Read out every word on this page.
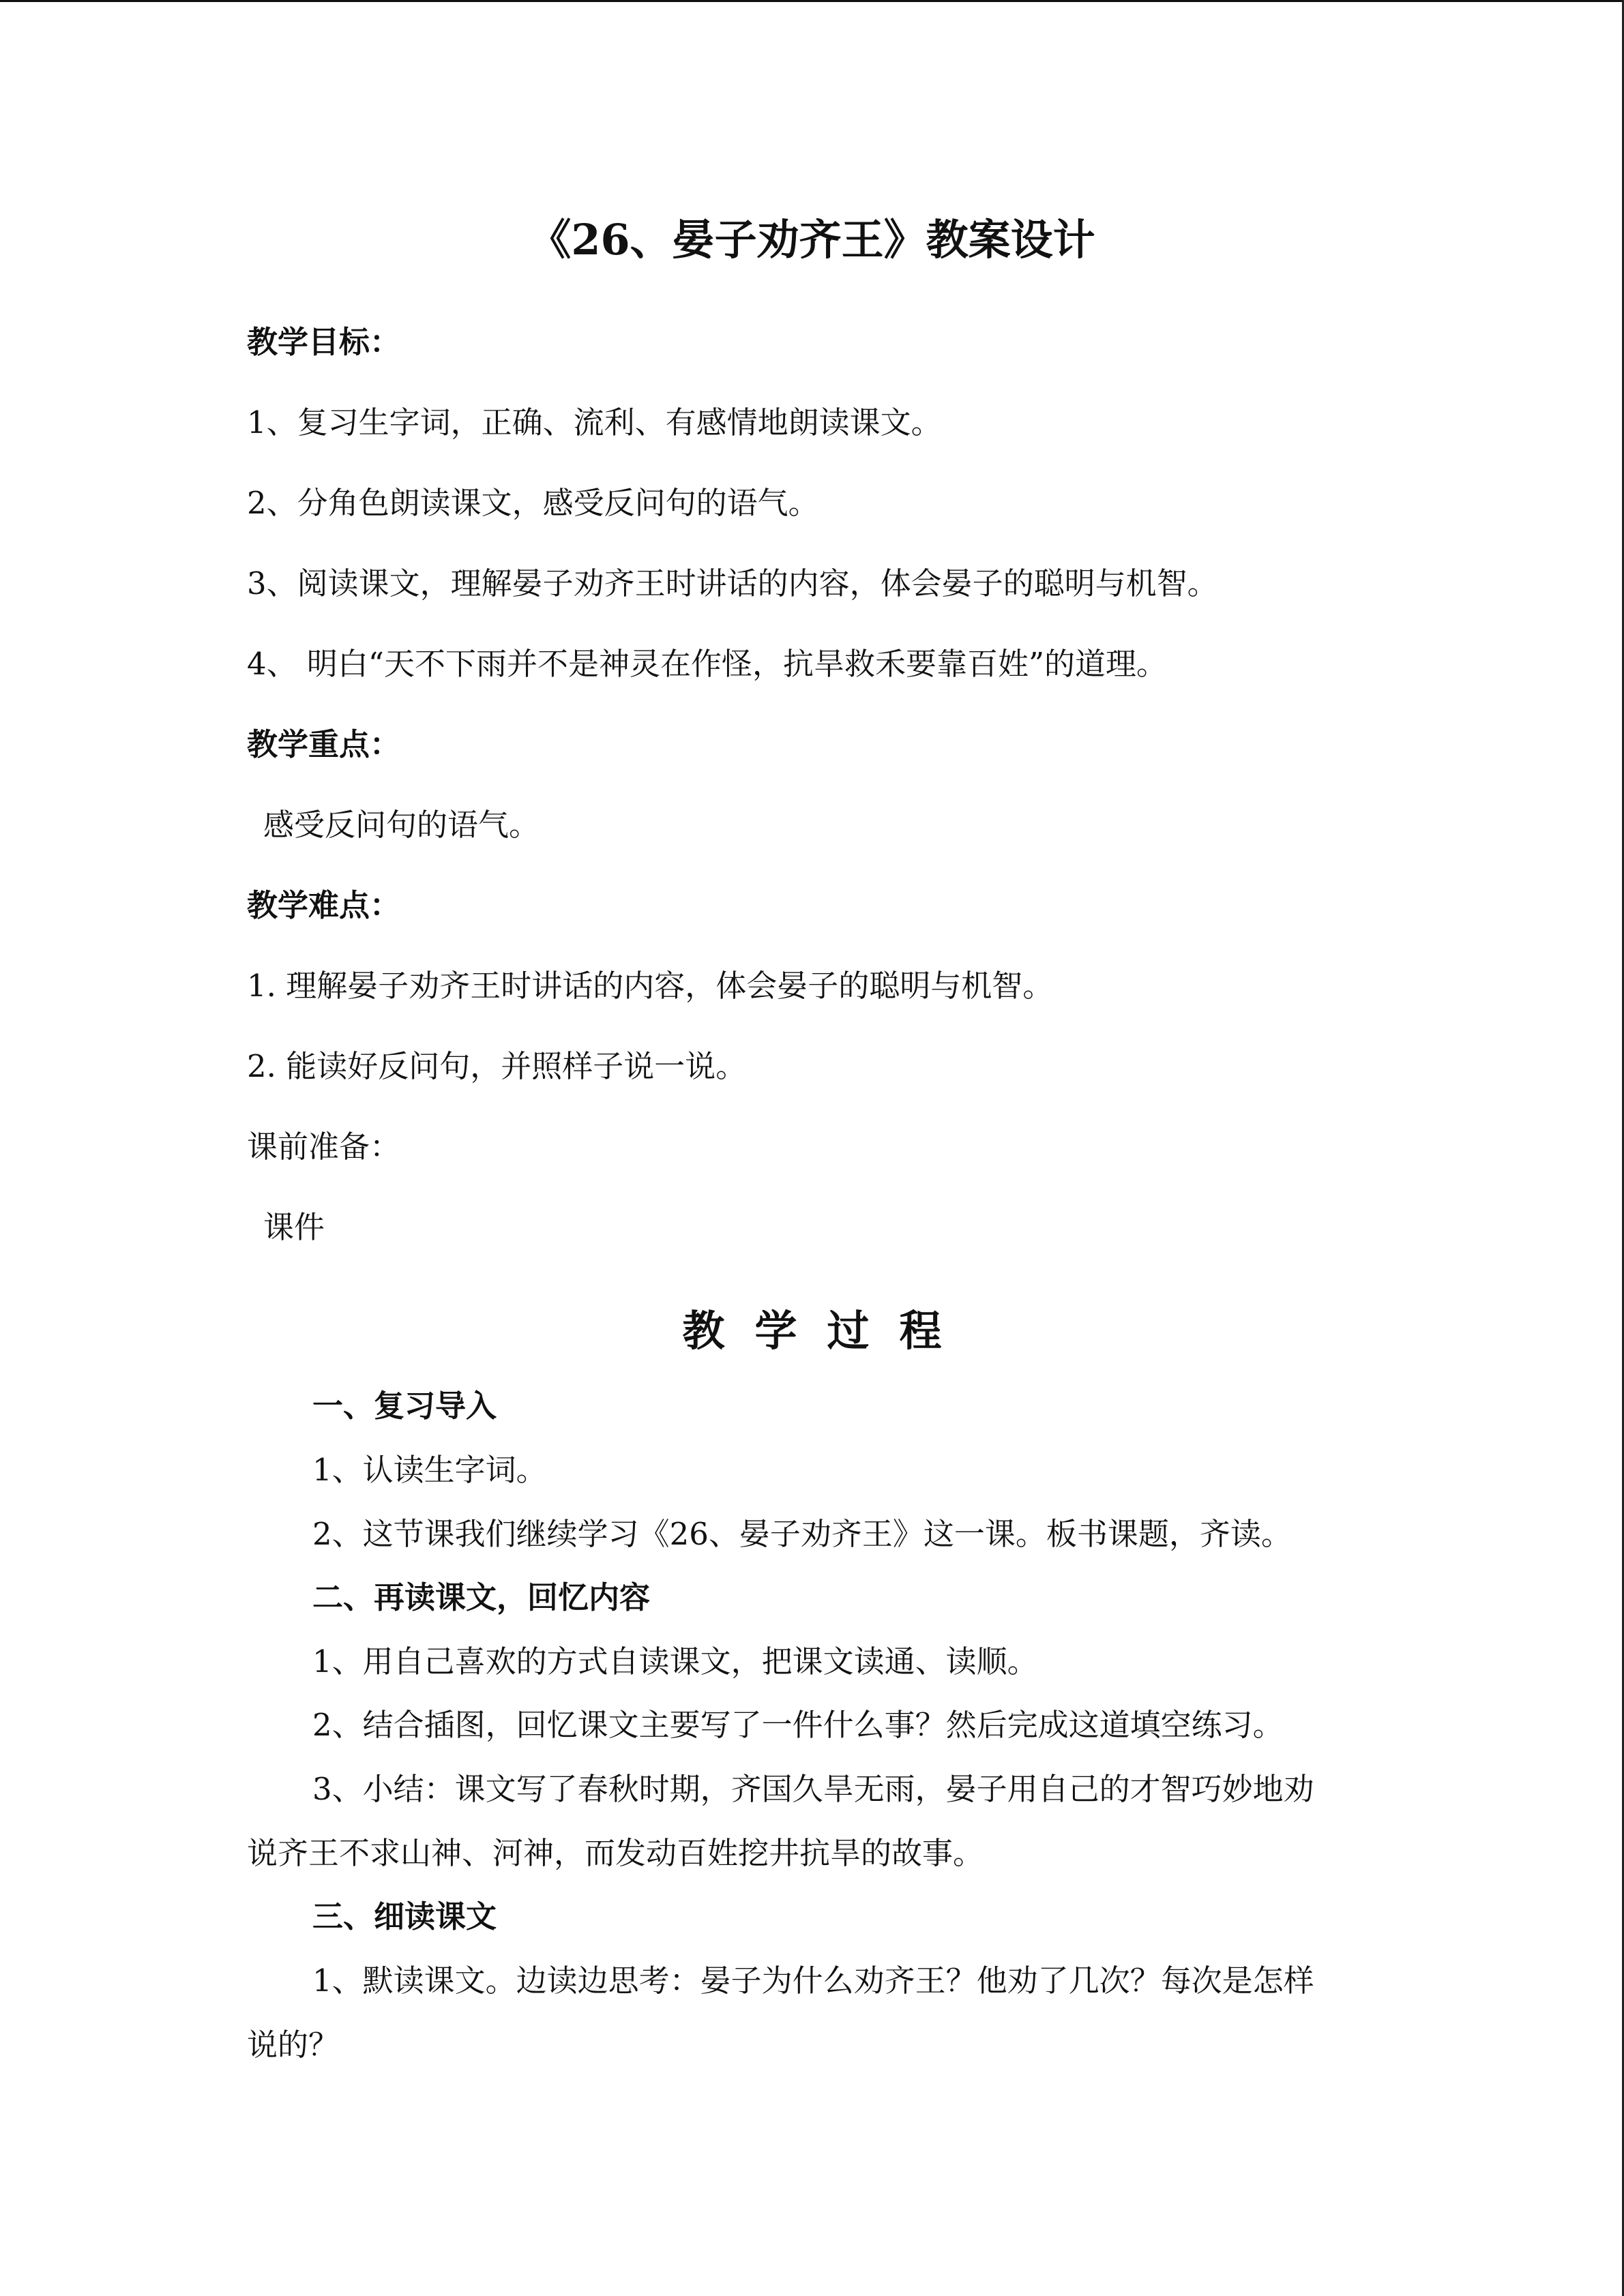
《26、晏子劝齐王》教案设计

教学目标：

1、复习生字词，正确、流利、有感情地朗读课文。

2、分角色朗读课文，感受反问句的语气。

3、阅读课文，理解晏子劝齐王时讲话的内容，体会晏子的聪明与机智。

4、 明白“天不下雨并不是神灵在作怪，抗旱救禾要靠百姓”的道理。

教学重点：

感受反问句的语气。

教学难点：

1. 理解晏子劝齐王时讲话的内容，体会晏子的聪明与机智。

2. 能读好反问句，并照样子说一说。

课前准备：

课件

教学过程

一、复习导入

1、认读生字词。

2、这节课我们继续学习《26、晏子劝齐王》这一课。板书课题，齐读。

二、再读课文，回忆内容

1、用自己喜欢的方式自读课文，把课文读通、读顺。

2、结合插图，回忆课文主要写了一件什么事？然后完成这道填空练习。

3、小结：课文写了春秋时期，齐国久旱无雨，晏子用自己的才智巧妙地劝

说齐王不求山神、河神，而发动百姓挖井抗旱的故事。

三、细读课文

1、默读课文。边读边思考：晏子为什么劝齐王？他劝了几次？每次是怎样

说的？
